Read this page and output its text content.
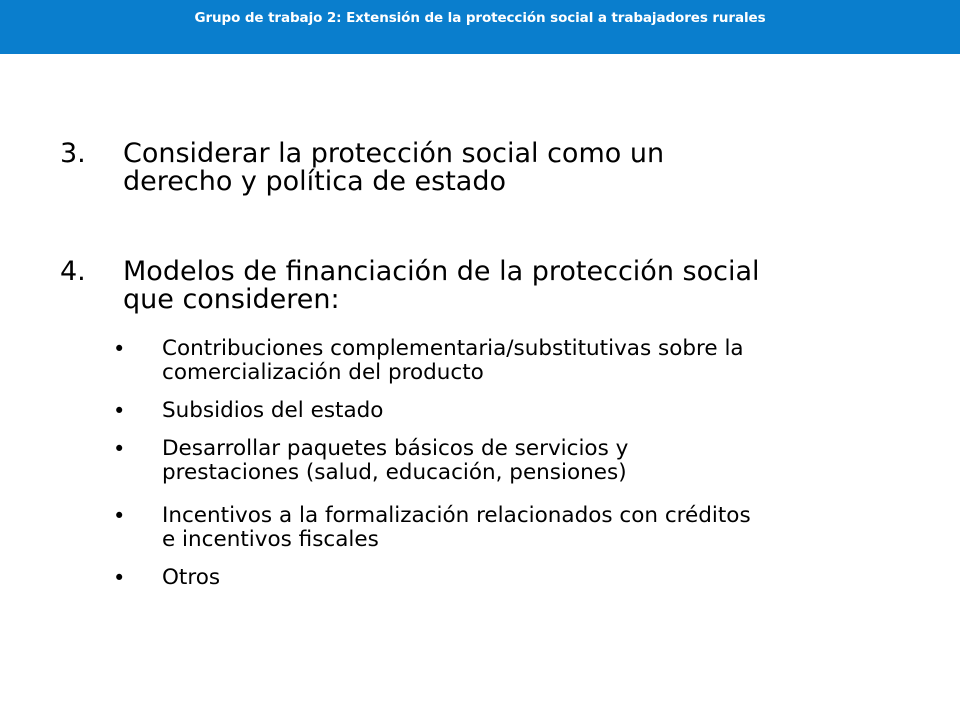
Grupo de trabajo 2: Extensión de la protección social a trabajadores rurales
3. Considerar la protección social como un
derecho y política de estado
4. Modelos de financiación de la protección social
que consideren:
• Contribuciones complementaria/substitutivas sobre la
comercialización del producto
• Subsidios del estado
• Desarrollar paquetes básicos de servicios y
prestaciones (salud, educación, pensiones)
• Incentivos a la formalización relacionados con créditos
e incentivos fiscales
• Otros
